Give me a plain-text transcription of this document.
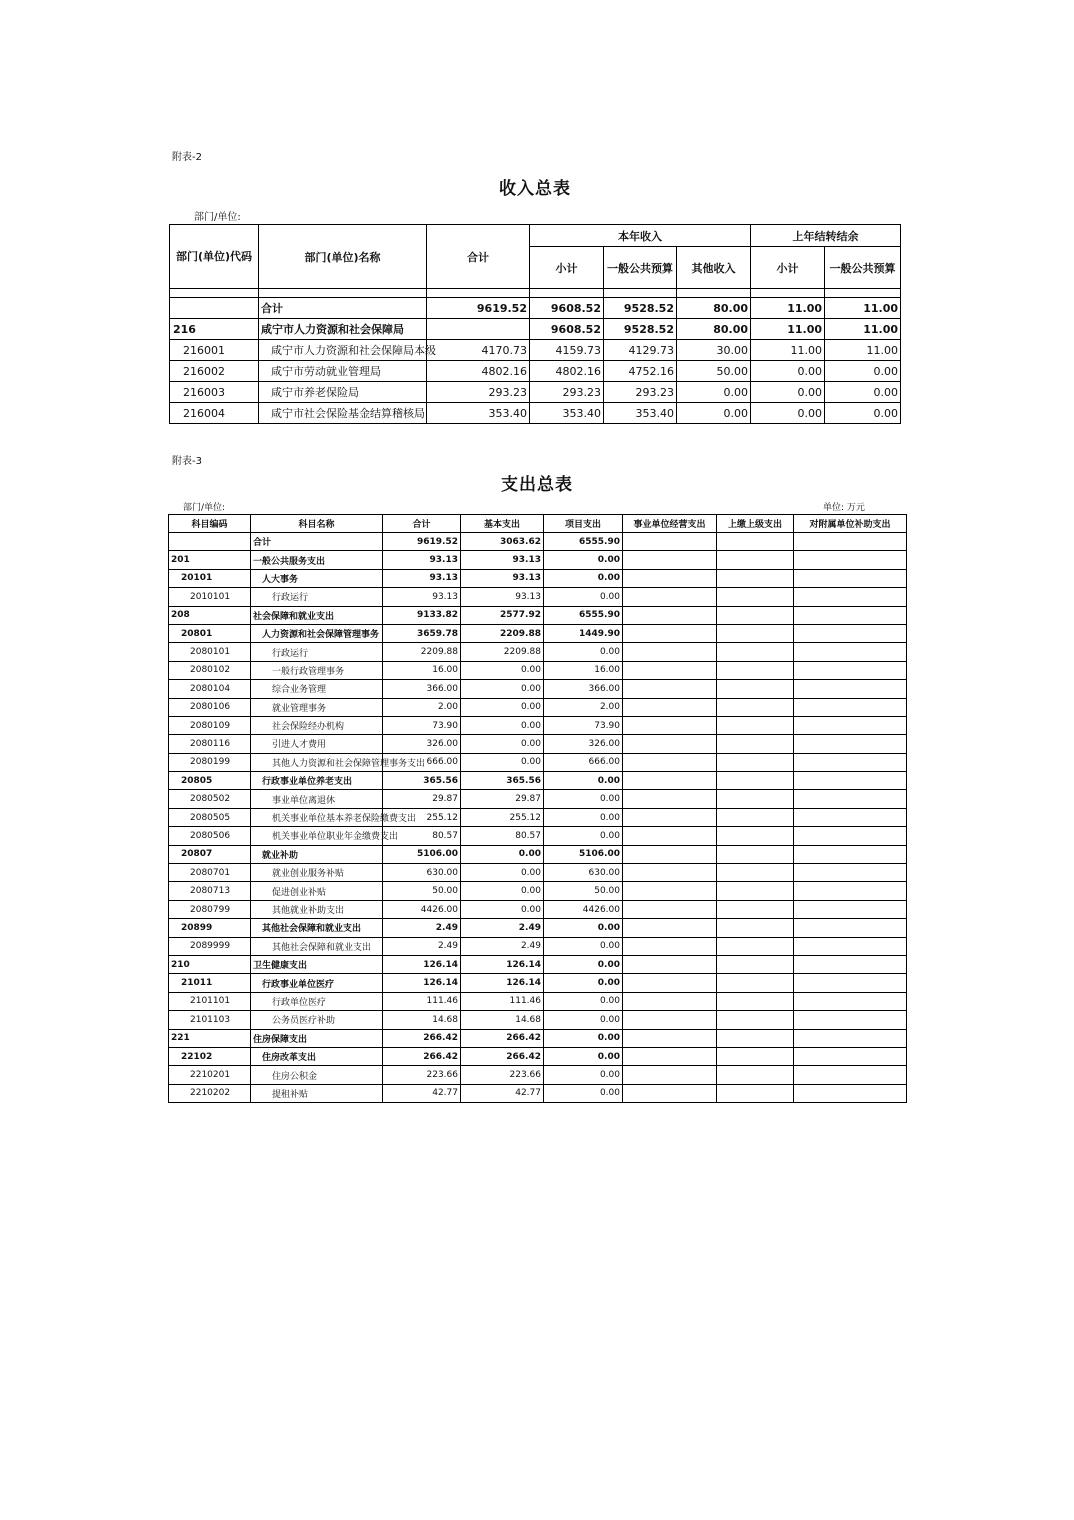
附表-2
收入总表
部门/单位:
部门(单位)代码	部门(单位)名称	合计	本年收入			上年结转结余	

			小计	一般公共预算	其他收入	小计	一般公共预算

	合计	9619.52	9608.52	9528.52	80.00	11.00	11.00

216	咸宁市人力资源和社会保障局		9608.52	9528.52	80.00	11.00	11.00

216001	咸宁市人力资源和社会保障局本级	4170.73	4159.73	4129.73	30.00	11.00	11.00

216002	咸宁市劳动就业管理局	4802.16	4802.16	4752.16	50.00	0.00	0.00

216003	咸宁市养老保险局	293.23	293.23	293.23	0.00	0.00	0.00

216004	咸宁市社会保险基金结算稽核局	353.40	353.40	353.40	0.00	0.00	0.00
附表-3
支出总表
部门/单位:	单位: 万元
科目编码	科目名称	合计	基本支出	项目支出	事业单位经营支出	上缴上级支出	对附属单位补助支出

	合计	9619.52	3063.62	6555.90			

201	一般公共服务支出	93.13	93.13	0.00			

20101	人大事务	93.13	93.13	0.00			

2010101	行政运行	93.13	93.13	0.00			

208	社会保障和就业支出	9133.82	2577.92	6555.90			

20801	人力资源和社会保障管理事务	3659.78	2209.88	1449.90			

2080101	行政运行	2209.88	2209.88	0.00			

2080102	一般行政管理事务	16.00	0.00	16.00			

2080104	综合业务管理	366.00	0.00	366.00			

2080106	就业管理事务	2.00	0.00	2.00			

2080109	社会保险经办机构	73.90	0.00	73.90			

2080116	引进人才费用	326.00	0.00	326.00			

2080199	其他人力资源和社会保障管理事务支出	666.00	0.00	666.00			

20805	行政事业单位养老支出	365.56	365.56	0.00			

2080502	事业单位离退休	29.87	29.87	0.00			

2080505	机关事业单位基本养老保险缴费支出	255.12	255.12	0.00			

2080506	机关事业单位职业年金缴费支出	80.57	80.57	0.00			

20807	就业补助	5106.00	0.00	5106.00			

2080701	就业创业服务补贴	630.00	0.00	630.00			

2080713	促进创业补贴	50.00	0.00	50.00			

2080799	其他就业补助支出	4426.00	0.00	4426.00			

20899	其他社会保障和就业支出	2.49	2.49	0.00			

2089999	其他社会保障和就业支出	2.49	2.49	0.00			

210	卫生健康支出	126.14	126.14	0.00			

21011	行政事业单位医疗	126.14	126.14	0.00			

2101101	行政单位医疗	111.46	111.46	0.00			

2101103	公务员医疗补助	14.68	14.68	0.00			

221	住房保障支出	266.42	266.42	0.00			

22102	住房改革支出	266.42	266.42	0.00			

2210201	住房公积金	223.66	223.66	0.00			

2210202	提租补贴	42.77	42.77	0.00			
